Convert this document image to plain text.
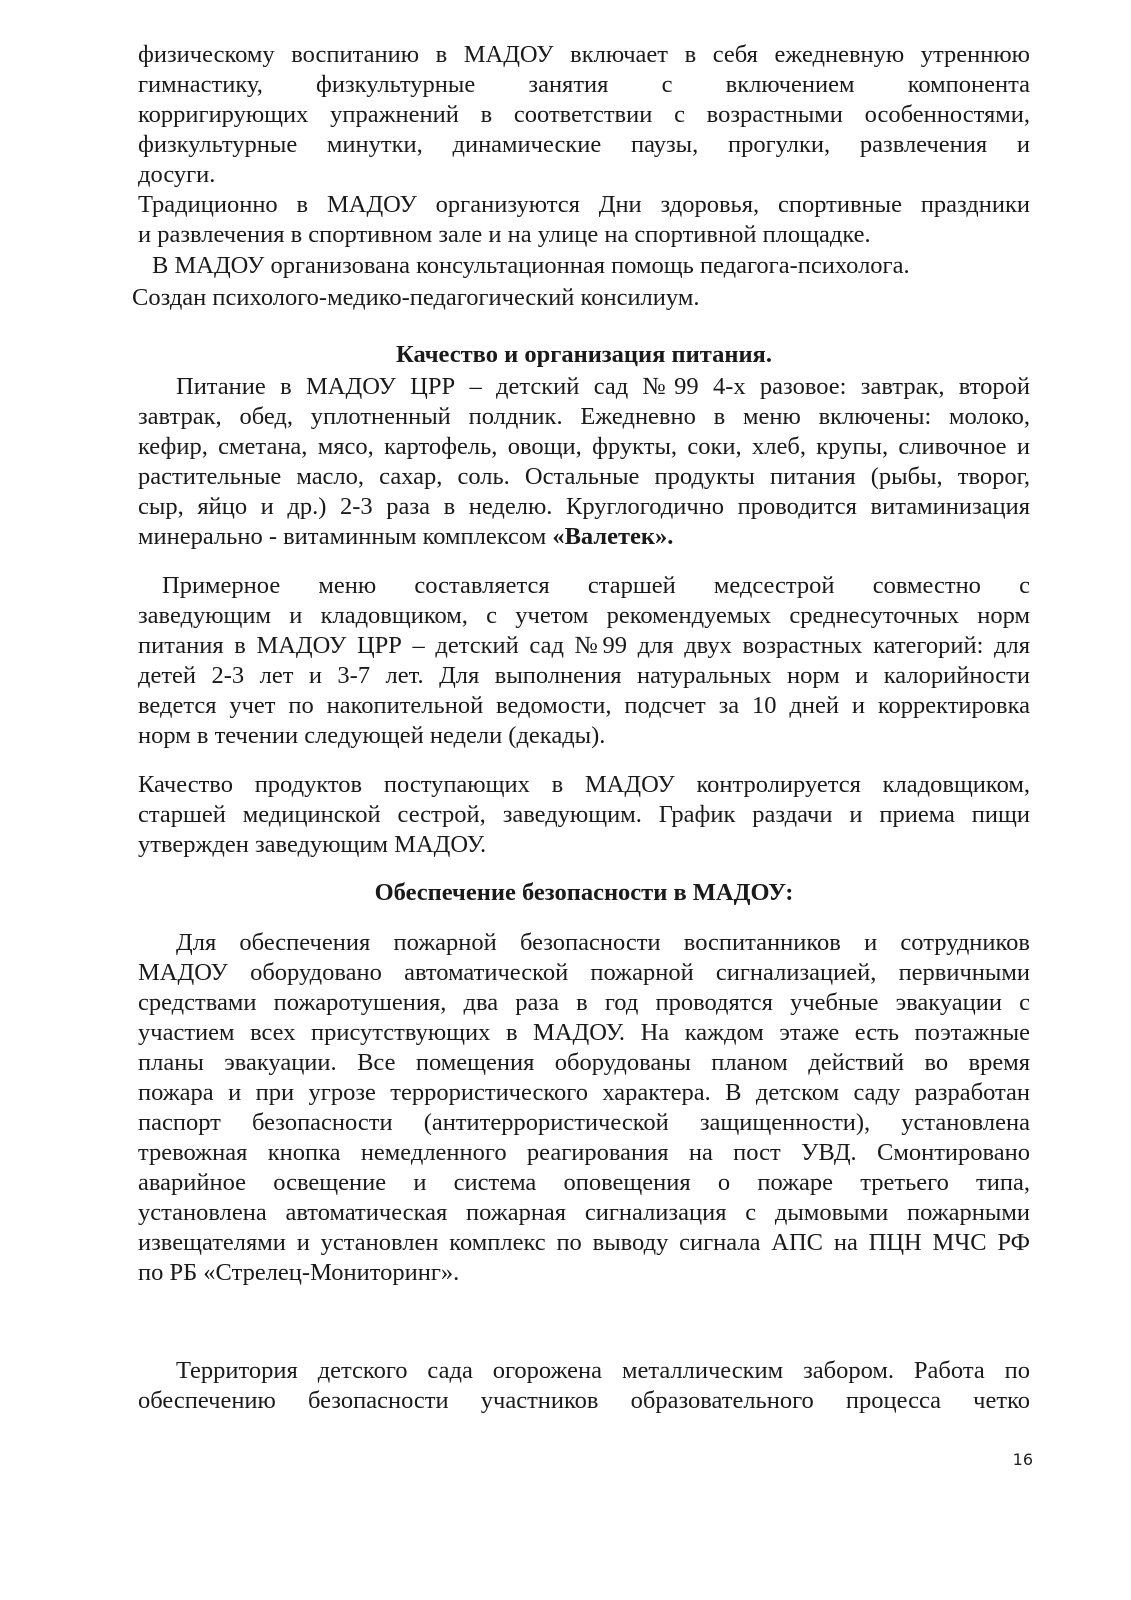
физическому воспитанию в МАДОУ включает в себя ежедневную утреннюю
гимнастику, физкультурные занятия с включением компонента
корригирующих упражнений в соответствии с возрастными особенностями,
физкультурные минутки, динамические паузы, прогулки, развлечения и
досуги.
Традиционно в МАДОУ организуются Дни здоровья, спортивные праздники
и развлечения в спортивном зале и на улице на спортивной площадке.
В МАДОУ организована консультационная помощь педагога-психолога.
Создан психолого-медико-педагогический консилиум.
Качество и организация питания.
Питание в МАДОУ ЦРР – детский сад №99 4-х разовое: завтрак, второй
завтрак, обед, уплотненный полдник. Ежедневно в меню включены: молоко,
кефир, сметана, мясо, картофель, овощи, фрукты, соки, хлеб, крупы, сливочное и
растительные масло, сахар, соль. Остальные продукты питания (рыбы, творог,
сыр, яйцо и др.) 2-3 раза в неделю. Круглогодично проводится витаминизация
минерально - витаминным комплексом «Валетек».
Примерное меню составляется старшей медсестрой совместно с
заведующим и кладовщиком, с учетом рекомендуемых среднесуточных норм
питания в МАДОУ ЦРР – детский сад №99 для двух возрастных категорий: для
детей 2-3 лет и 3-7 лет. Для выполнения натуральных норм и калорийности
ведется учет по накопительной ведомости, подсчет за 10 дней и корректировка
норм в течении следующей недели (декады).
Качество продуктов поступающих в МАДОУ контролируется кладовщиком,
старшей медицинской сестрой, заведующим. График раздачи и приема пищи
утвержден заведующим МАДОУ.
Обеспечение безопасности в МАДОУ:
Для обеспечения пожарной безопасности воспитанников и сотрудников
МАДОУ оборудовано автоматической пожарной сигнализацией, первичными
средствами пожаротушения, два раза в год проводятся учебные эвакуации с
участием всех присутствующих в МАДОУ. На каждом этаже есть поэтажные
планы эвакуации. Все помещения оборудованы планом действий во время
пожара и при угрозе террористического характера. В детском саду разработан
паспорт безопасности (антитеррористической защищенности), установлена
тревожная кнопка немедленного реагирования на пост УВД. Смонтировано
аварийное освещение и система оповещения о пожаре третьего типа,
установлена автоматическая пожарная сигнализация с дымовыми пожарными
извещателями и установлен комплекс по выводу сигнала АПС на ПЦН МЧС РФ
по РБ «Стрелец-Мониторинг».
Территория детского сада огорожена металлическим забором. Работа по
обеспечению безопасности участников образовательного процесса четко
16
